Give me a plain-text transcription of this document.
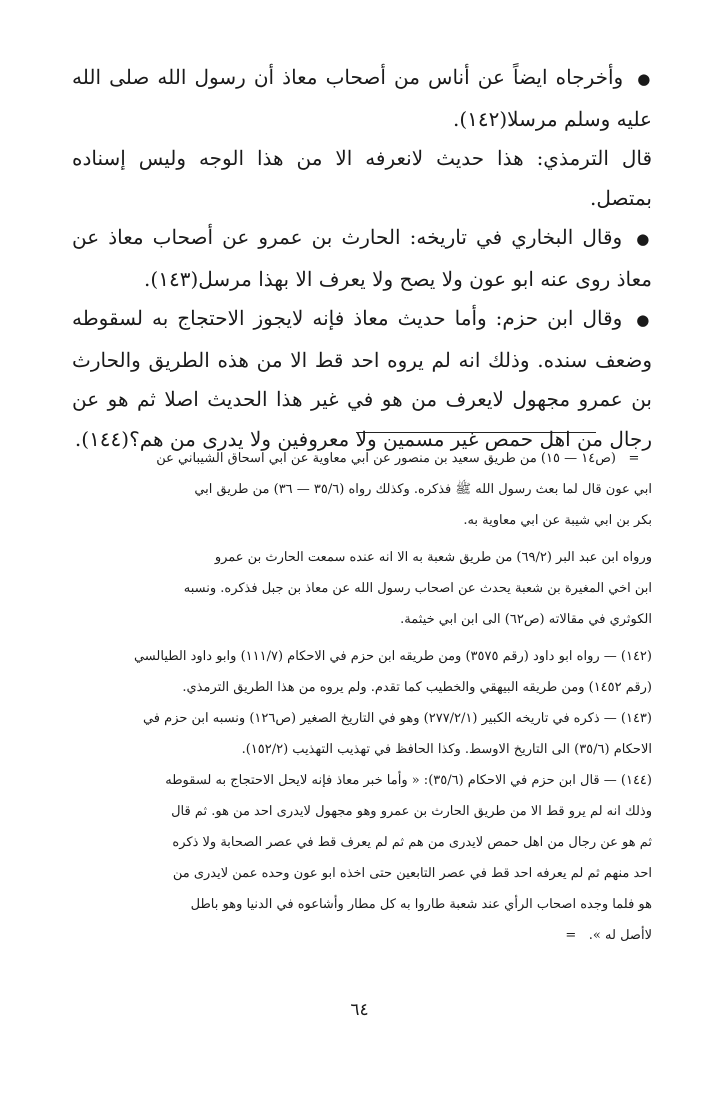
●وأخرجاه ايضاً عن أناس من أصحاب معاذ أن رسول الله صلى الله عليه وسلم مرسلا(١٤٢).

قال الترمذي: هذا حديث لانعرفه الا من هذا الوجه وليس إسناده بمتصل.

●وقال البخاري في تاريخه: الحارث بن عمرو عن أصحاب معاذ عن معاذ روى عنه ابو عون ولا يصح ولا يعرف الا بهذا مرسل(١٤٣).

●وقال ابن حزم: وأما حديث معاذ فإنه لايجوز الاحتجاج به لسقوطه وضعف سنده. وذلك انه لم يروه احد قط الا من هذه الطريق والحارث بن عمرو مجهول لايعرف من هو في غير هذا الحديث اصلا ثم هو عن رجال من اهل حمص غير مسمين ولا معروفين ولا يدرى من هم؟(١٤٤).

=(ص١٤ — ١٥) من طريق سعيد بن منصور عن ابي معاوية عن ابي اسحاق الشيباني عن

ابي عون قال لما بعث رسول الله ﷺ فذكره. وكذلك رواه (٣٥/٦ — ٣٦) من طريق ابي

بكر بن ابي شيبة عن ابي معاوية به.

ورواه ابن عبد البر (٦٩/٢) من طريق شعبة به الا انه عنده سمعت الحارث بن عمرو

ابن اخي المغيرة بن شعبة يحدث عن اصحاب رسول الله عن معاذ بن جبل فذكره. ونسبه

الكوثري في مقالاته (ص٦٢) الى ابن ابي خيثمة.

(١٤٢) — رواه ابو داود (رقم ٣٥٧٥) ومن طريقه ابن حزم في الاحكام (١١١/٧) وابو داود الطيالسي

(رقم ١٤٥٢) ومن طريقه البيهقي والخطيب كما تقدم. ولم يروه من هذا الطريق الترمذي.

(١٤٣) — ذكره في تاريخه الكبير (٢٧٧/٢/١) وهو في التاريخ الصغير (ص١٢٦) ونسبه ابن حزم في

الاحكام (٣٥/٦) الى التاريخ الاوسط. وكذا الحافظ في تهذيب التهذيب (١٥٢/٢).

(١٤٤) — قال ابن حزم في الاحكام (٣٥/٦): « وأما خبر معاذ فإنه لايحل الاحتجاج به لسقوطه

وذلك انه لم يرو قط الا من طريق الحارث بن عمرو وهو مجهول لايدرى احد من هو. ثم قال

ثم هو عن رجال من اهل حمص لايدرى من هم ثم لم يعرف قط في عصر الصحابة ولا ذكره

احد منهم ثم لم يعرفه احد قط في عصر التابعين حتى اخذه ابو عون وحده عمن لايدرى من

هو فلما وجده اصحاب الرأي عند شعبة طاروا به كل مطار وأشاعوه في الدنيا وهو باطل

لاأصل له ».=

٦٤
